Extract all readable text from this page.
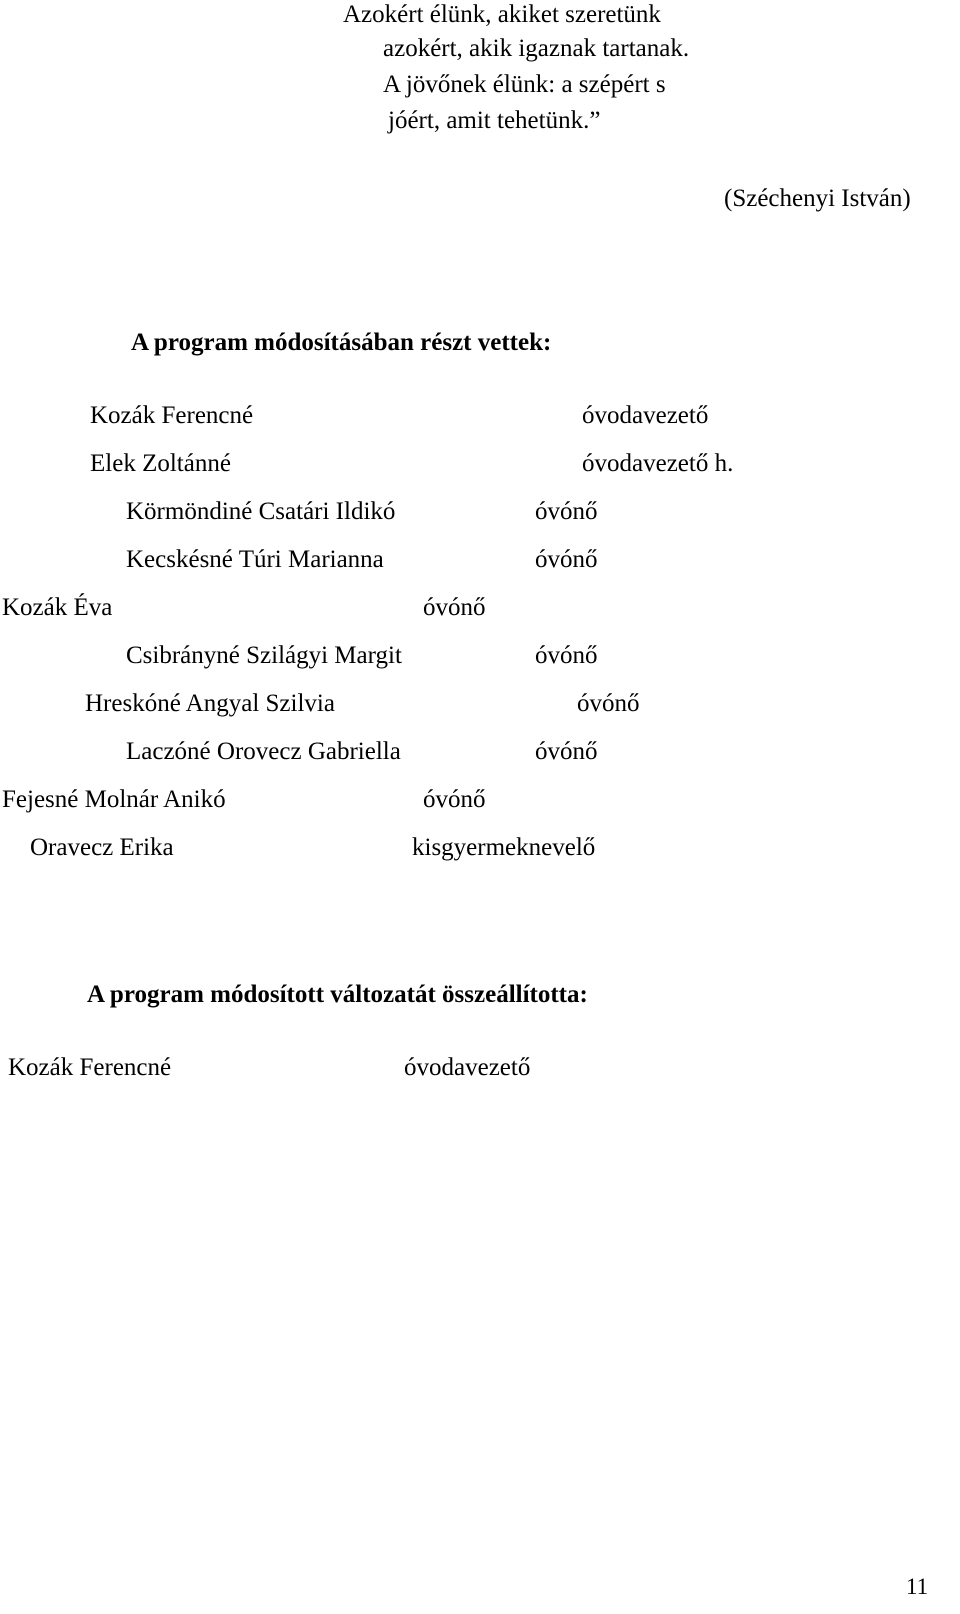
Azokért élünk, akiket szeretünk
azokért, akik igaznak tartanak.
A jövőnek élünk: a szépért s
jóért, amit tehetünk.”
(Széchenyi István)
A program módosításában részt vettek:
Kozák Ferencné	óvodavezető
Elek Zoltánné	óvodavezető h.
Körmöndiné Csatári Ildikó	óvónő
Kecskésné Túri Marianna	óvónő
Kozák Éva	óvónő
Csibrányné Szilágyi Margit	óvónő
Hreskóné Angyal Szilvia	óvónő
Laczóné Orovecz Gabriella	óvónő
Fejesné Molnár Anikó	óvónő
Oravecz Erika	kisgyermeknevelő
A program módosított változatát összeállította:
Kozák Ferencné	óvodavezető
11
